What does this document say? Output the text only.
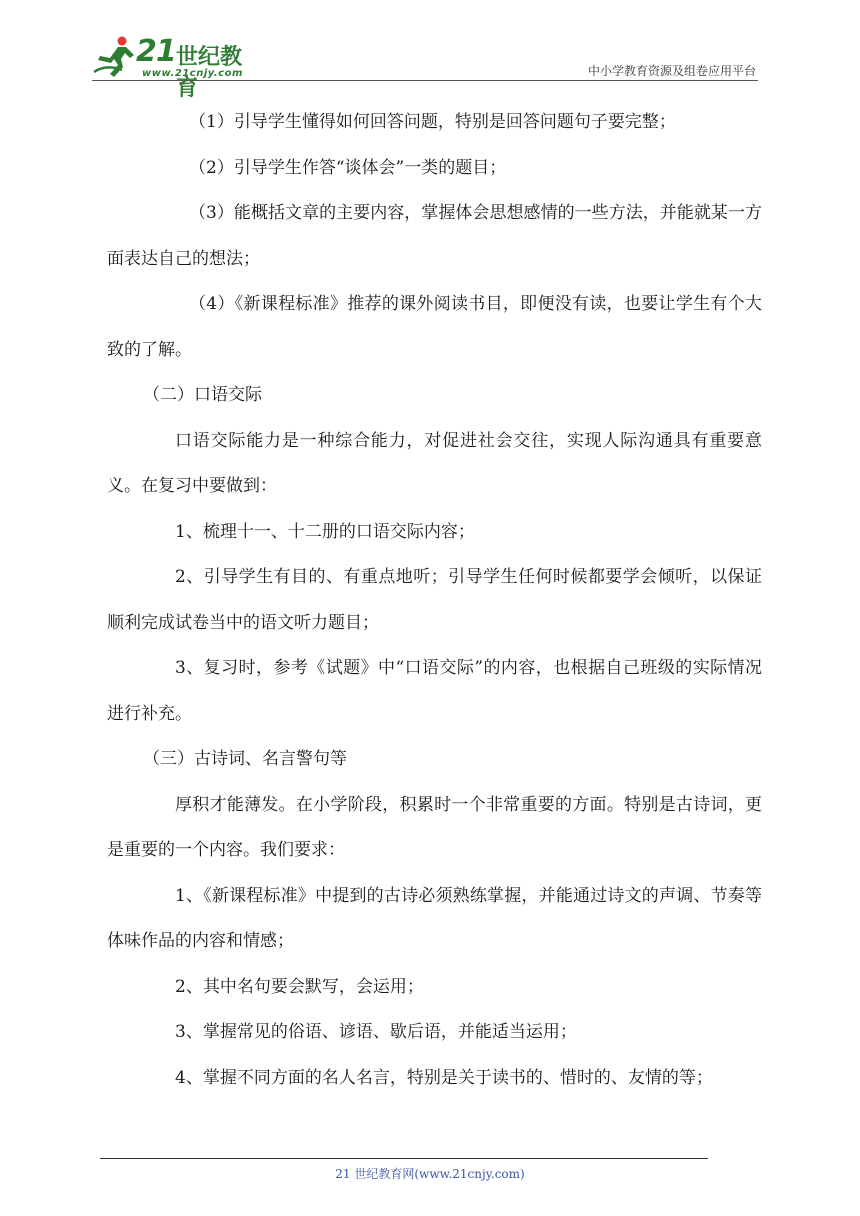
21 世纪教育
www.21cnjy.com	中小学教育资源及组卷应用平台

（1）引导学生懂得如何回答问题，特别是回答问题句子要完整；

（2）引导学生作答“谈体会”一类的题目；

（3）能概括文章的主要内容，掌握体会思想感情的一些方法，并能就某一方面表达自己的想法；

（4）《新课程标准》推荐的课外阅读书目，即便没有读，也要让学生有个大致的了解。

（二）口语交际

口语交际能力是一种综合能力，对促进社会交往，实现人际沟通具有重要意义。在复习中要做到：

1、梳理十一、十二册的口语交际内容；

2、引导学生有目的、有重点地听；引导学生任何时候都要学会倾听，以保证顺利完成试卷当中的语文听力题目；

3、复习时，参考《试题》中“口语交际”的内容，也根据自己班级的实际情况进行补充。

（三）古诗词、名言警句等

厚积才能薄发。在小学阶段，积累时一个非常重要的方面。特别是古诗词，更是重要的一个内容。我们要求：

1、《新课程标准》中提到的古诗必须熟练掌握，并能通过诗文的声调、节奏等体味作品的内容和情感；

2、其中名句要会默写，会运用；

3、掌握常见的俗语、谚语、歇后语，并能适当运用；

4、掌握不同方面的名人名言，特别是关于读书的、惜时的、友情的等；

21 世纪教育网(www.21cnjy.com)
